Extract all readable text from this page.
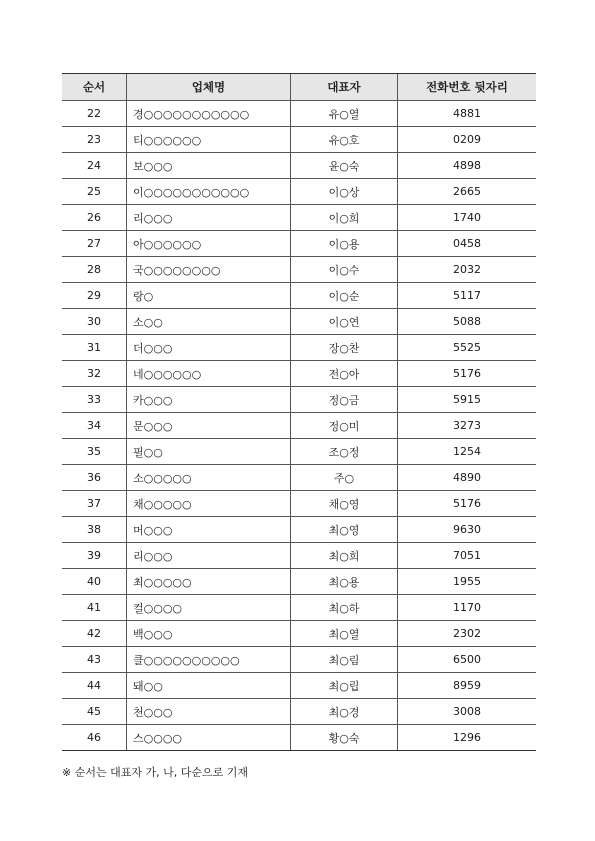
순서	업체명	대표자	전화번호 뒷자리
22	경○○○○○○○○○○○	유○열	4881
23	티○○○○○○	유○호	0209
24	보○○○	윤○숙	4898
25	이○○○○○○○○○○○	이○상	2665
26	리○○○	이○희	1740
27	아○○○○○○	이○용	0458
28	국○○○○○○○○	이○수	2032
29	랑○	이○순	5117
30	소○○	이○연	5088
31	더○○○	장○찬	5525
32	네○○○○○○	전○아	5176
33	카○○○	정○금	5915
34	문○○○	정○미	3273
35	필○○	조○정	1254
36	소○○○○○	주○	4890
37	채○○○○○	채○영	5176
38	머○○○	최○영	9630
39	리○○○	최○희	7051
40	최○○○○○	최○용	1955
41	컬○○○○	최○하	1170
42	백○○○	최○열	2302
43	클○○○○○○○○○○	최○림	6500
44	돼○○	최○립	8959
45	천○○○	최○경	3008
46	스○○○○	황○숙	1296
※ 순서는 대표자 가, 나, 다순으로 기재
